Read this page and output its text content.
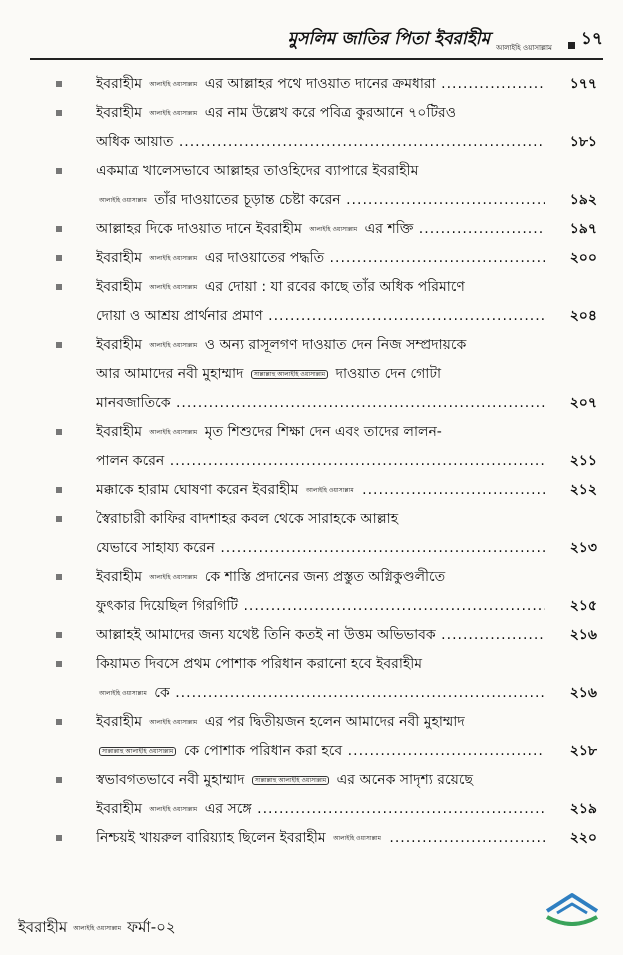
মুসলিম জাতির পিতা ইবরাহীম আলাইহি ওয়াসাল্লাম ১৭
ইবরাহীম আলাইহি ওয়াসাল্লাম এর আল্লাহর পথে দাওয়াত দানের ক্রমধারা .....	১৭৭
ইবরাহীম আলাইহি ওয়াসাল্লাম এর নাম উল্লেখ করে পবিত্র কুরআনে ৭০টিরও
অধিক আয়াত .....	১৮১
একমাত্র খালেসভাবে আল্লাহর তাওহিদের ব্যাপারে ইবরাহীম
আলাইহি ওয়াসাল্লাম তাঁর দাওয়াতের চূড়ান্ত চেষ্টা করেন .....	১৯২
আল্লাহর দিকে দাওয়াত দানে ইবরাহীম আলাইহি ওয়াসাল্লাম এর শক্তি .....	১৯৭
ইবরাহীম আলাইহি ওয়াসাল্লাম এর দাওয়াতের পদ্ধতি .....	২০০
ইবরাহীম আলাইহি ওয়াসাল্লাম এর দোয়া : যা রবের কাছে তাঁর অধিক পরিমাণে
দোয়া ও আশ্রয় প্রার্থনার প্রমাণ .....	২০৪
ইবরাহীম আলাইহি ওয়াসাল্লাম ও অন্য রাসূলগণ দাওয়াত দেন নিজ সম্প্রদায়কে
আর আমাদের নবী মুহাম্মাদ সাল্লাল্লাহু আলাইহি ওয়াসাল্লাম দাওয়াত দেন গোটা
মানবজাতিকে .....	২০৭
ইবরাহীম আলাইহি ওয়াসাল্লাম মৃত শিশুদের শিক্ষা দেন এবং তাদের লালন-
পালন করেন .....	২১১
মক্কাকে হারাম ঘোষণা করেন ইবরাহীম আলাইহি ওয়াসাল্লাম .....	২১২
স্বৈরাচারী কাফির বাদশাহর কবল থেকে সারাহকে আল্লাহ
যেভাবে সাহায্য করেন .....	২১৩
ইবরাহীম আলাইহি ওয়াসাল্লাম কে শাস্তি প্রদানের জন্য প্রস্তুত অগ্নিকুণ্ডলীতে
ফুৎকার দিয়েছিল গিরগিটি .....	২১৫
আল্লাহই আমাদের জন্য যথেষ্ট তিনি কতই না উত্তম অভিভাবক .....	২১৬
কিয়ামত দিবসে প্রথম পোশাক পরিধান করানো হবে ইবরাহীম
আলাইহি ওয়াসাল্লাম কে .....	২১৬
ইবরাহীম আলাইহি ওয়াসাল্লাম এর পর দ্বিতীয়জন হলেন আমাদের নবী মুহাম্মাদ
সাল্লাল্লাহু আলাইহি ওয়াসাল্লাম কে পোশাক পরিধান করা হবে .....	২১৮
স্বভাবগতভাবে নবী মুহাম্মাদ সাল্লাল্লাহু আলাইহি ওয়াসাল্লাম এর অনেক সাদৃশ্য রয়েছে
ইবরাহীম আলাইহি ওয়াসাল্লাম এর সঙ্গে .....	২১৯
নিশ্চয়ই খায়রুল বারিয়্যাহ ছিলেন ইবরাহীম আলাইহি ওয়াসাল্লাম .....	২২০
ইবরাহীম আলাইহি ওয়াসাল্লাম ফর্মা-০২
